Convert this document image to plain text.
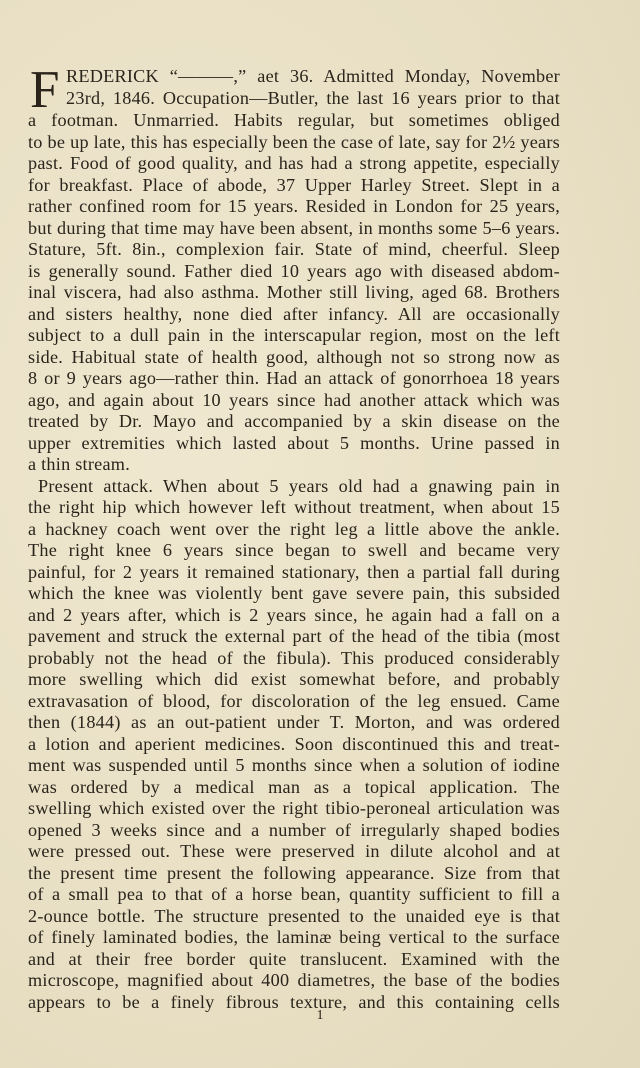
F REDERICK “———,” aet 36. Admitted Monday, November
23rd, 1846. Occupation—Butler, the last 16 years prior to that
a footman. Unmarried. Habits regular, but sometimes obliged
to be up late, this has especially been the case of late, say for 2½ years
past. Food of good quality, and has had a strong appetite, especially
for breakfast. Place of abode, 37 Upper Harley Street. Slept in a
rather confined room for 15 years. Resided in London for 25 years,
but during that time may have been absent, in months some 5–6 years.
Stature, 5ft. 8in., complexion fair. State of mind, cheerful. Sleep
is generally sound. Father died 10 years ago with diseased abdom-
inal viscera, had also asthma. Mother still living, aged 68. Brothers
and sisters healthy, none died after infancy. All are occasionally
subject to a dull pain in the interscapular region, most on the left
side. Habitual state of health good, although not so strong now as
8 or 9 years ago—rather thin. Had an attack of gonorrhoea 18 years
ago, and again about 10 years since had another attack which was
treated by Dr. Mayo and accompanied by a skin disease on the
upper extremities which lasted about 5 months. Urine passed in
a thin stream.
Present attack. When about 5 years old had a gnawing pain in
the right hip which however left without treatment, when about 15
a hackney coach went over the right leg a little above the ankle.
The right knee 6 years since began to swell and became very
painful, for 2 years it remained stationary, then a partial fall during
which the knee was violently bent gave severe pain, this subsided
and 2 years after, which is 2 years since, he again had a fall on a
pavement and struck the external part of the head of the tibia (most
probably not the head of the fibula). This produced considerably
more swelling which did exist somewhat before, and probably
extravasation of blood, for discoloration of the leg ensued. Came
then (1844) as an out-patient under T. Morton, and was ordered
a lotion and aperient medicines. Soon discontinued this and treat-
ment was suspended until 5 months since when a solution of iodine
was ordered by a medical man as a topical application. The
swelling which existed over the right tibio-peroneal articulation was
opened 3 weeks since and a number of irregularly shaped bodies
were pressed out. These were preserved in dilute alcohol and at
the present time present the following appearance. Size from that
of a small pea to that of a horse bean, quantity sufficient to fill a
2-ounce bottle. The structure presented to the unaided eye is that
of finely laminated bodies, the laminæ being vertical to the surface
and at their free border quite translucent. Examined with the
microscope, magnified about 400 diametres, the base of the bodies
appears to be a finely fibrous texture, and this containing cells
1
